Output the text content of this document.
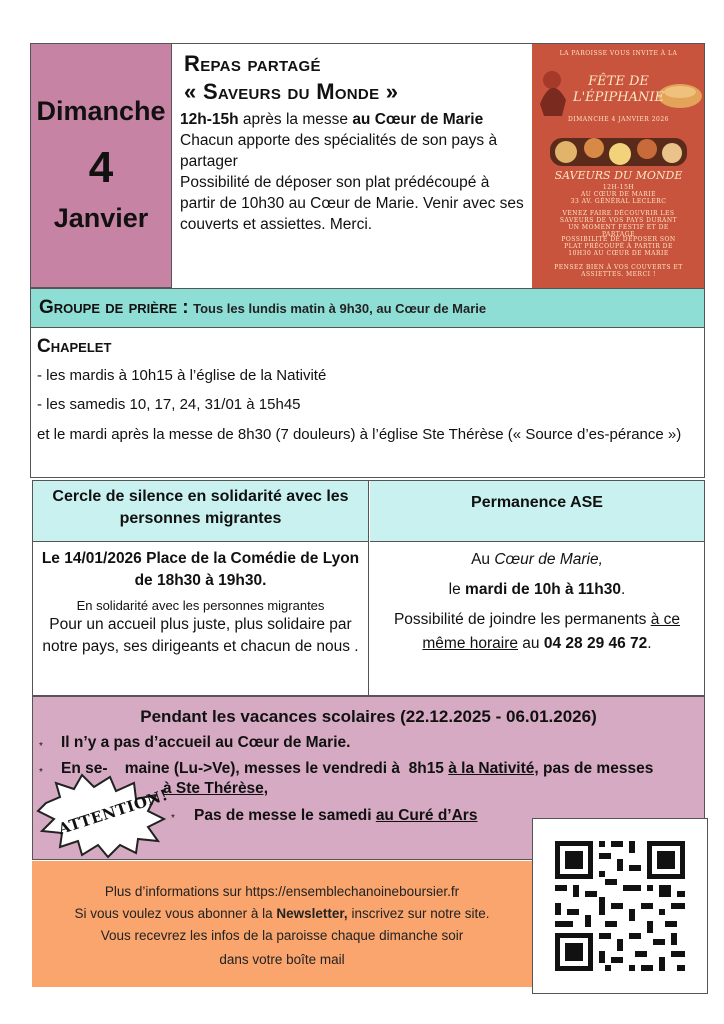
Dimanche
4
Janvier
Repas partagé
« Saveurs du Monde »

12h-15h après la messe au Cœur de Marie

Chacun apporte des spécialités de son pays à partager

Possibilité de déposer son plat prédécoupé à partir de 10h30 au Cœur de Marie. Venir avec ses couverts et assiettes. Merci.

LA PAROISSE VOUS INVITE À LA
FÊTE DE
L'ÉPIPHANIE
DIMANCHE 4 JANVIER 2026
SAVEURS DU MONDE
12H-15H
AU CŒUR DE MARIE
33 AV. GÉNÉRAL LECLERC
VENEZ FAIRE DÉCOUVRIR LES SAVEURS DE VOS PAYS DURANT UN MOMENT FESTIF ET DE PARTAGE
POSSIBILITÉ DE DÉPOSER SON PLAT PRÉCOUPÉ À PARTIR DE 10H30 AU CŒUR DE MARIE
PENSEZ BIEN À VOS COUVERTS ET ASSIETTES. MERCI !
Groupe de prière : Tous les lundis matin à 9h30, au Cœur de Marie
Chapelet
- les mardis à 10h15 à l’église de la Nativité
- les samedis 10, 17, 24, 31/01 à 15h45
et le mardi après la messe de 8h30 (7 douleurs) à l’église Ste Thérèse (« Source d’es-pérance »)
Cercle de silence en solidarité avec les personnes migrantes
Le 14/01/2026 Place de la Comédie de Lyon de 18h30 à 19h30.
En solidarité avec les personnes migrantes
Pour un accueil plus juste, plus solidaire par notre pays, ses dirigeants et chacun de nous .
Permanence ASE
Au Cœur de Marie,
le mardi de 10h à 11h30.
Possibilité de joindre les permanents à ce même horaire au 04 28 29 46 72.
Pendant les vacances scolaires (22.12.2025 - 06.01.2026)
* Il n’y a pas d’accueil au Cœur de Marie.
* En se-    maine (Lu->Ve), messes le vendredi à  8h15 à la Nativité, pas de messes
à Ste Thérèse,
* Pas de messe le samedi au Curé d’Ars
ATTENTION!
Plus d’informations sur https://ensemblechanoineboursier.fr
Si vous voulez vous abonner à la Newsletter, inscrivez sur notre site.
Vous recevrez les infos de la paroisse chaque dimanche soir
dans votre boîte mail
